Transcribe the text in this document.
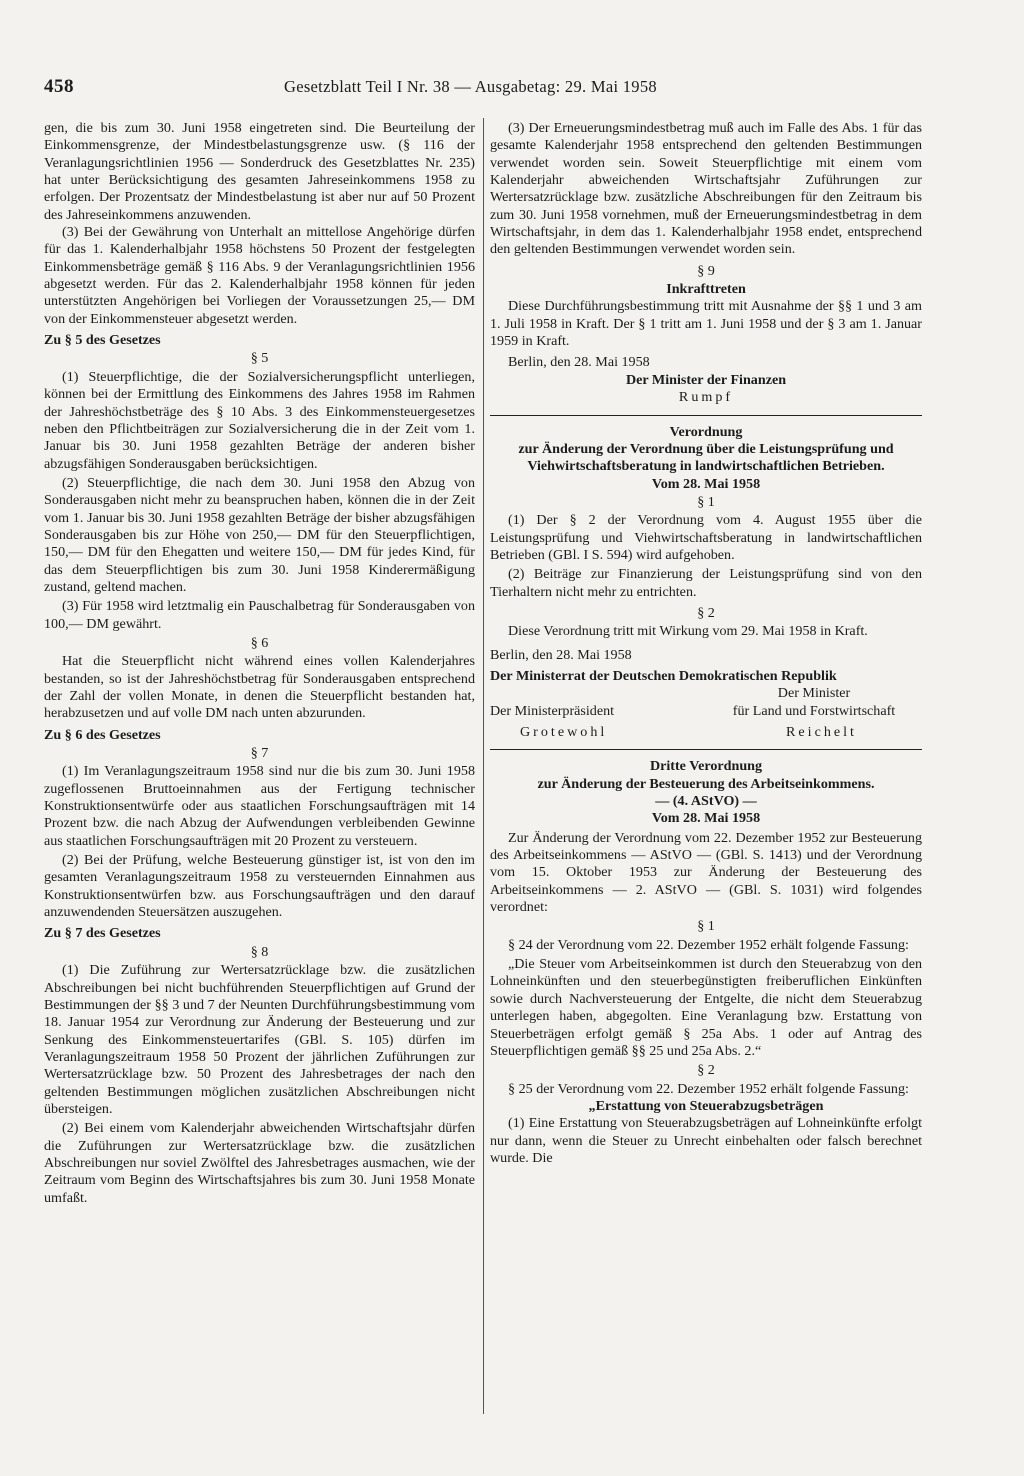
458	Gesetzblatt Teil I Nr. 38 — Ausgabetag: 29. Mai 1958

gen, die bis zum 30. Juni 1958 eingetreten sind. Die Beurteilung der Einkommensgrenze, der Mindestbelastungsgrenze usw. (§ 116 der Veranlagungsrichtlinien 1956 — Sonderdruck des Gesetzblattes Nr. 235) hat unter Berücksichtigung des gesamten Jahreseinkommens 1958 zu erfolgen. Der Prozentsatz der Mindestbelastung ist aber nur auf 50 Prozent des Jahreseinkommens anzuwenden.

(3) Bei der Gewährung von Unterhalt an mittellose Angehörige dürfen für das 1. Kalenderhalbjahr 1958 höchstens 50 Prozent der festgelegten Einkommensbeträge gemäß § 116 Abs. 9 der Veranlagungsrichtlinien 1956 abgesetzt werden. Für das 2. Kalenderhalbjahr 1958 können für jeden unterstützten Angehörigen bei Vorliegen der Voraussetzungen 25,— DM von der Einkommensteuer abgesetzt werden.

Zu § 5 des Gesetzes

§ 5

(1) Steuerpflichtige, die der Sozialversicherungspflicht unterliegen, können bei der Ermittlung des Einkommens des Jahres 1958 im Rahmen der Jahreshöchstbeträge des § 10 Abs. 3 des Einkommensteuergesetzes neben den Pflichtbeiträgen zur Sozialversicherung die in der Zeit vom 1. Januar bis 30. Juni 1958 gezahlten Beträge der anderen bisher abzugsfähigen Sonderausgaben berücksichtigen.

(2) Steuerpflichtige, die nach dem 30. Juni 1958 den Abzug von Sonderausgaben nicht mehr zu beanspruchen haben, können die in der Zeit vom 1. Januar bis 30. Juni 1958 gezahlten Beträge der bisher abzugsfähigen Sonderausgaben bis zur Höhe von 250,— DM für den Steuerpflichtigen, 150,— DM für den Ehegatten und weitere 150,— DM für jedes Kind, für das dem Steuerpflichtigen bis zum 30. Juni 1958 Kinderermäßigung zustand, geltend machen.

(3) Für 1958 wird letztmalig ein Pauschalbetrag für Sonderausgaben von 100,— DM gewährt.

§ 6

Hat die Steuerpflicht nicht während eines vollen Kalenderjahres bestanden, so ist der Jahreshöchstbetrag für Sonderausgaben entsprechend der Zahl der vollen Monate, in denen die Steuerpflicht bestanden hat, herabzusetzen und auf volle DM nach unten abzurunden.

Zu § 6 des Gesetzes

§ 7

(1) Im Veranlagungszeitraum 1958 sind nur die bis zum 30. Juni 1958 zugeflossenen Bruttoeinnahmen aus der Fertigung technischer Konstruktionsentwürfe oder aus staatlichen Forschungsaufträgen mit 14 Prozent bzw. die nach Abzug der Aufwendungen verbleibenden Gewinne aus staatlichen Forschungsaufträgen mit 20 Prozent zu versteuern.

(2) Bei der Prüfung, welche Besteuerung günstiger ist, ist von den im gesamten Veranlagungszeitraum 1958 zu versteuernden Einnahmen aus Konstruktionsentwürfen bzw. aus Forschungsaufträgen und den darauf anzuwendenden Steuersätzen auszugehen.

Zu § 7 des Gesetzes

§ 8

(1) Die Zuführung zur Wertersatzrücklage bzw. die zusätzlichen Abschreibungen bei nicht buchführenden Steuerpflichtigen auf Grund der Bestimmungen der §§ 3 und 7 der Neunten Durchführungsbestimmung vom 18. Januar 1954 zur Verordnung zur Änderung der Besteuerung und zur Senkung des Einkommensteuertarifes (GBl. S. 105) dürfen im Veranlagungszeitraum 1958 50 Prozent der jährlichen Zuführungen zur Wertersatzrücklage bzw. 50 Prozent des Jahresbetrages der nach den geltenden Bestimmungen möglichen zusätzlichen Abschreibungen nicht übersteigen.

(2) Bei einem vom Kalenderjahr abweichenden Wirtschaftsjahr dürfen die Zuführungen zur Wertersatzrücklage bzw. die zusätzlichen Abschreibungen nur soviel Zwölftel des Jahresbetrages ausmachen, wie der Zeitraum vom Beginn des Wirtschaftsjahres bis zum 30. Juni 1958 Monate umfaßt.

(3) Der Erneuerungsmindestbetrag muß auch im Falle des Abs. 1 für das gesamte Kalenderjahr 1958 entsprechend den geltenden Bestimmungen verwendet worden sein. Soweit Steuerpflichtige mit einem vom Kalenderjahr abweichenden Wirtschaftsjahr Zuführungen zur Wertersatzrücklage bzw. zusätzliche Abschreibungen für den Zeitraum bis zum 30. Juni 1958 vornehmen, muß der Erneuerungsmindestbetrag in dem Wirtschaftsjahr, in dem das 1. Kalenderhalbjahr 1958 endet, entsprechend den geltenden Bestimmungen verwendet worden sein.

§ 9

Inkrafttreten

Diese Durchführungsbestimmung tritt mit Ausnahme der §§ 1 und 3 am 1. Juli 1958 in Kraft. Der § 1 tritt am 1. Juni 1958 und der § 3 am 1. Januar 1959 in Kraft.

Berlin, den 28. Mai 1958

Der Minister der Finanzen

Rumpf

Verordnung

zur Änderung der Verordnung über die Leistungsprüfung und Viehwirtschaftsberatung in landwirtschaftlichen Betrieben.

Vom 28. Mai 1958

§ 1

(1) Der § 2 der Verordnung vom 4. August 1955 über die Leistungsprüfung und Viehwirtschaftsberatung in landwirtschaftlichen Betrieben (GBl. I S. 594) wird aufgehoben.

(2) Beiträge zur Finanzierung der Leistungsprüfung sind von den Tierhaltern nicht mehr zu entrichten.

§ 2

Diese Verordnung tritt mit Wirkung vom 29. Mai 1958 in Kraft.

Berlin, den 28. Mai 1958

Der Ministerrat der Deutschen Demokratischen Republik

Der Ministerpräsident

Der Minister

für Land und Forstwirtschaft

Grotewohl	Reichelt

Dritte Verordnung

zur Änderung der Besteuerung des Arbeitseinkommens.

— (4. AStVO) —

Vom 28. Mai 1958

Zur Änderung der Verordnung vom 22. Dezember 1952 zur Besteuerung des Arbeitseinkommens — AStVO — (GBl. S. 1413) und der Verordnung vom 15. Oktober 1953 zur Änderung der Besteuerung des Arbeitseinkommens — 2. AStVO — (GBl. S. 1031) wird folgendes verordnet:

§ 1

§ 24 der Verordnung vom 22. Dezember 1952 erhält folgende Fassung:

„Die Steuer vom Arbeitseinkommen ist durch den Steuerabzug von den Lohneinkünften und den steuerbegünstigten freiberuflichen Einkünften sowie durch Nachversteuerung der Entgelte, die nicht dem Steuerabzug unterlegen haben, abgegolten. Eine Veranlagung bzw. Erstattung von Steuerbeträgen erfolgt gemäß § 25a Abs. 1 oder auf Antrag des Steuerpflichtigen gemäß §§ 25 und 25a Abs. 2.“

§ 2

§ 25 der Verordnung vom 22. Dezember 1952 erhält folgende Fassung:

„Erstattung von Steuerabzugsbeträgen

(1) Eine Erstattung von Steuerabzugsbeträgen auf Lohneinkünfte erfolgt nur dann, wenn die Steuer zu Unrecht einbehalten oder falsch berechnet wurde. Die
